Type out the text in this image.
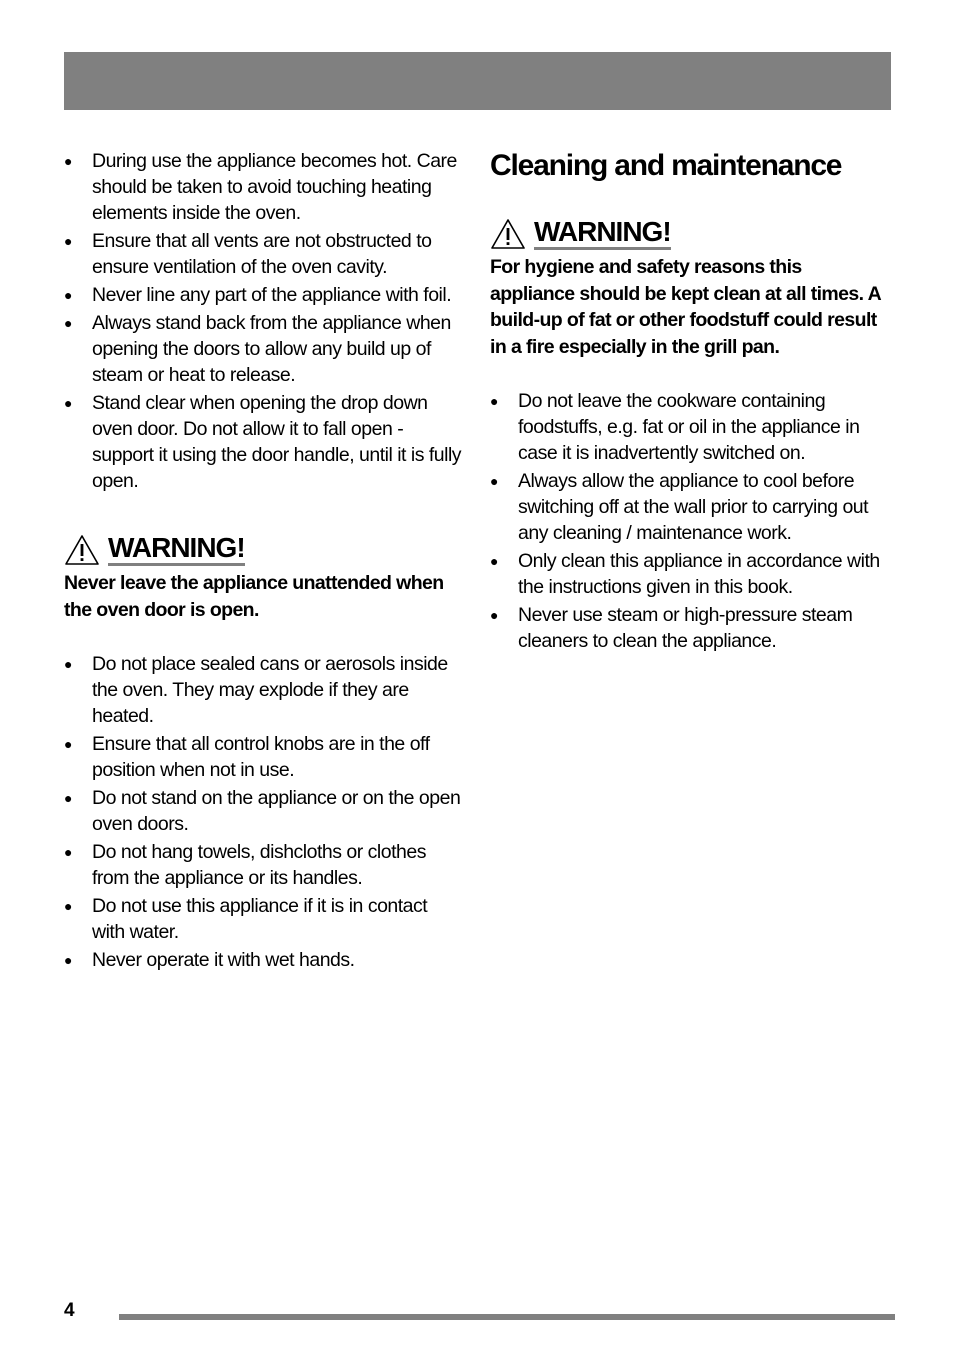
● During use the appliance becomes hot. Care should be taken to avoid touching heating elements inside the oven.
● Ensure that all vents are not obstructed to ensure ventilation of the oven cavity.
● Never line any part of the appliance with foil.
● Always stand back from the appliance when opening the doors to allow any build up of steam or heat to release.
● Stand clear when opening the drop down oven door. Do not allow it to fall open - support it using the door handle, until it is fully open.
WARNING!

Never leave the appliance unattended when the oven door is open.

● Do not place sealed cans or aerosols inside the oven. They may explode if they are heated.
● Ensure that all control knobs are in the off position when not in use.
● Do not stand on the appliance or on the open oven doors.
● Do not hang towels, dishcloths or clothes from the appliance or its handles.
● Do not use this appliance if it is in contact with water.
● Never operate it with wet hands.
Cleaning and maintenance
WARNING!

For hygiene and safety reasons this appliance should be kept clean at all times. A build-up of fat or other foodstuff could result in a fire especially in the grill pan.

● Do not leave the cookware containing foodstuffs, e.g. fat or oil in the appliance in case it is inadvertently switched on.
● Always allow the appliance to cool before switching off at the wall prior to carrying out any cleaning / maintenance work.
● Only clean this appliance in accordance with the instructions given in this book.
● Never use steam or high-pressure steam cleaners to clean the appliance.
4
